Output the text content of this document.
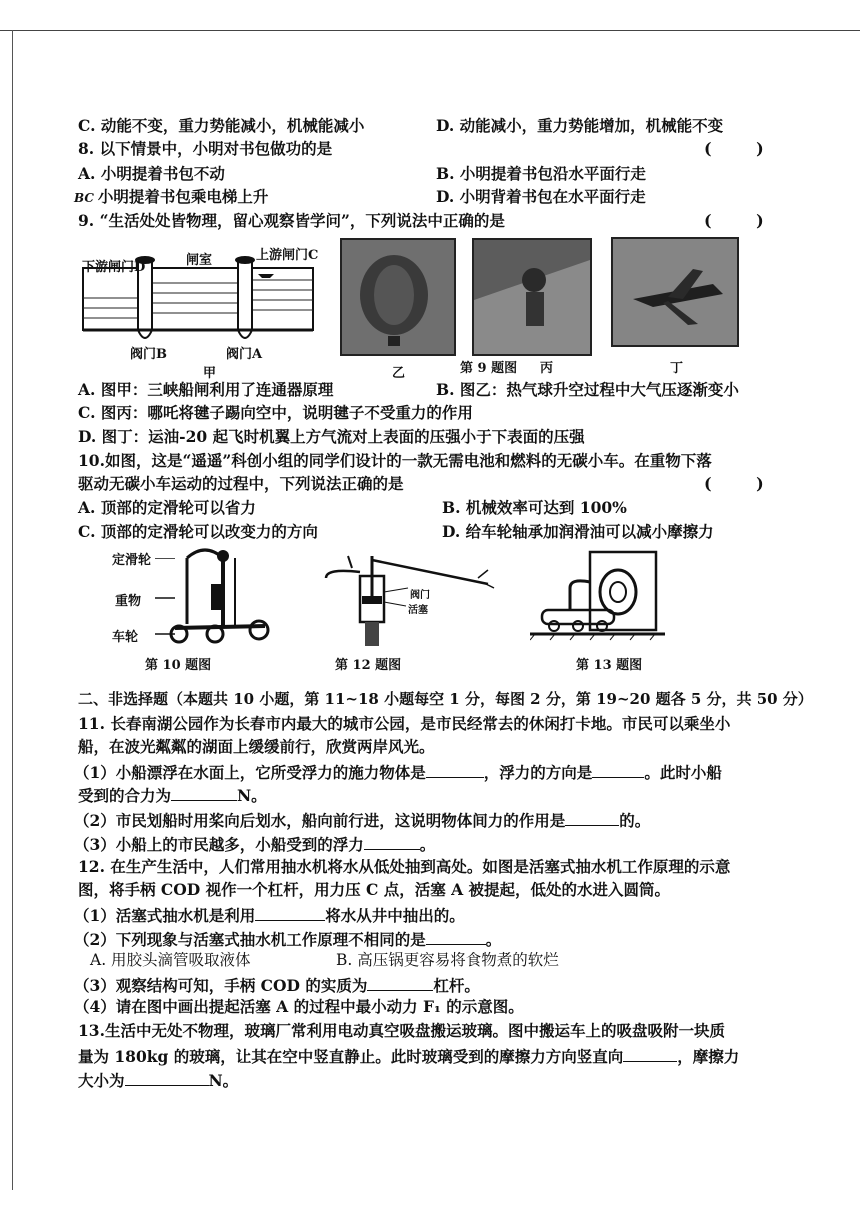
C. 动能不变，重力势能减小，机械能减小	D. 动能减小，重力势能增加，机械能不变
8. 以下情景中，小明对书包做功的是	(        )
A. 小明提着书包不动	B. 小明提着书包沿水平面行走
BC 小明提着书包乘电梯上升	D. 小明背着书包在水平面行走
9. “生活处处皆物理，留心观察皆学问”，下列说法中正确的是	(        )
下游闸门D	闸室	上游闸门C
阀门B	阀门A
甲	乙	第 9 题图 丙	丁
A. 图甲：三峡船闸利用了连通器原理	B. 图乙：热气球升空过程中大气压逐渐变小
C. 图丙：哪吒将毽子踢向空中，说明毽子不受重力的作用
D. 图丁：运油-20 起飞时机翼上方气流对上表面的压强小于下表面的压强
10.如图，这是“遥遥”科创小组的同学们设计的一款无需电池和燃料的无碳小车。在重物下落
驱动无碳小车运动的过程中，下列说法正确的是	(        )
A. 顶部的定滑轮可以省力	B. 机械效率可达到 100%
C. 顶部的定滑轮可以改变力的方向	D. 给车轮轴承加润滑油可以减小摩擦力
定滑轮
重物
车轮
第 10 题图
阀门
活塞
第 12 题图	第 13 题图
二、非选择题（本题共 10 小题，第 11~18 小题每空 1 分，每图 2 分，第 19~20 题各 5 分，共 50 分）
11. 长春南湖公园作为长春市内最大的城市公园，是市民经常去的休闲打卡地。市民可以乘坐小
船，在波光粼粼的湖面上缓缓前行，欣赏两岸风光。
（1）小船漂浮在水面上，它所受浮力的施力物体是	，浮力的方向是	。此时小船
受到的合力为	N。
（2）市民划船时用桨向后划水，船向前行进，这说明物体间力的作用是	的。
（3）小船上的市民越多，小船受到的浮力	。
12. 在生产生活中，人们常用抽水机将水从低处抽到高处。如图是活塞式抽水机工作原理的示意
图，将手柄 COD 视作一个杠杆，用力压 C 点，活塞 A 被提起，低处的水进入圆筒。
（1）活塞式抽水机是利用	将水从井中抽出的。
（2）下列现象与活塞式抽水机工作原理不相同的是	。
A. 用胶头滴管吸取液体	B. 高压锅更容易将食物煮的软烂
（3）观察结构可知，手柄 COD 的实质为	杠杆。
（4）请在图中画出提起活塞 A 的过程中最小动力 F₁ 的示意图。
13.生活中无处不物理，玻璃厂常利用电动真空吸盘搬运玻璃。图中搬运车上的吸盘吸附一块质
量为 180kg 的玻璃，让其在空中竖直静止。此时玻璃受到的摩擦力方向竖直向	，摩擦力
大小为	N。
